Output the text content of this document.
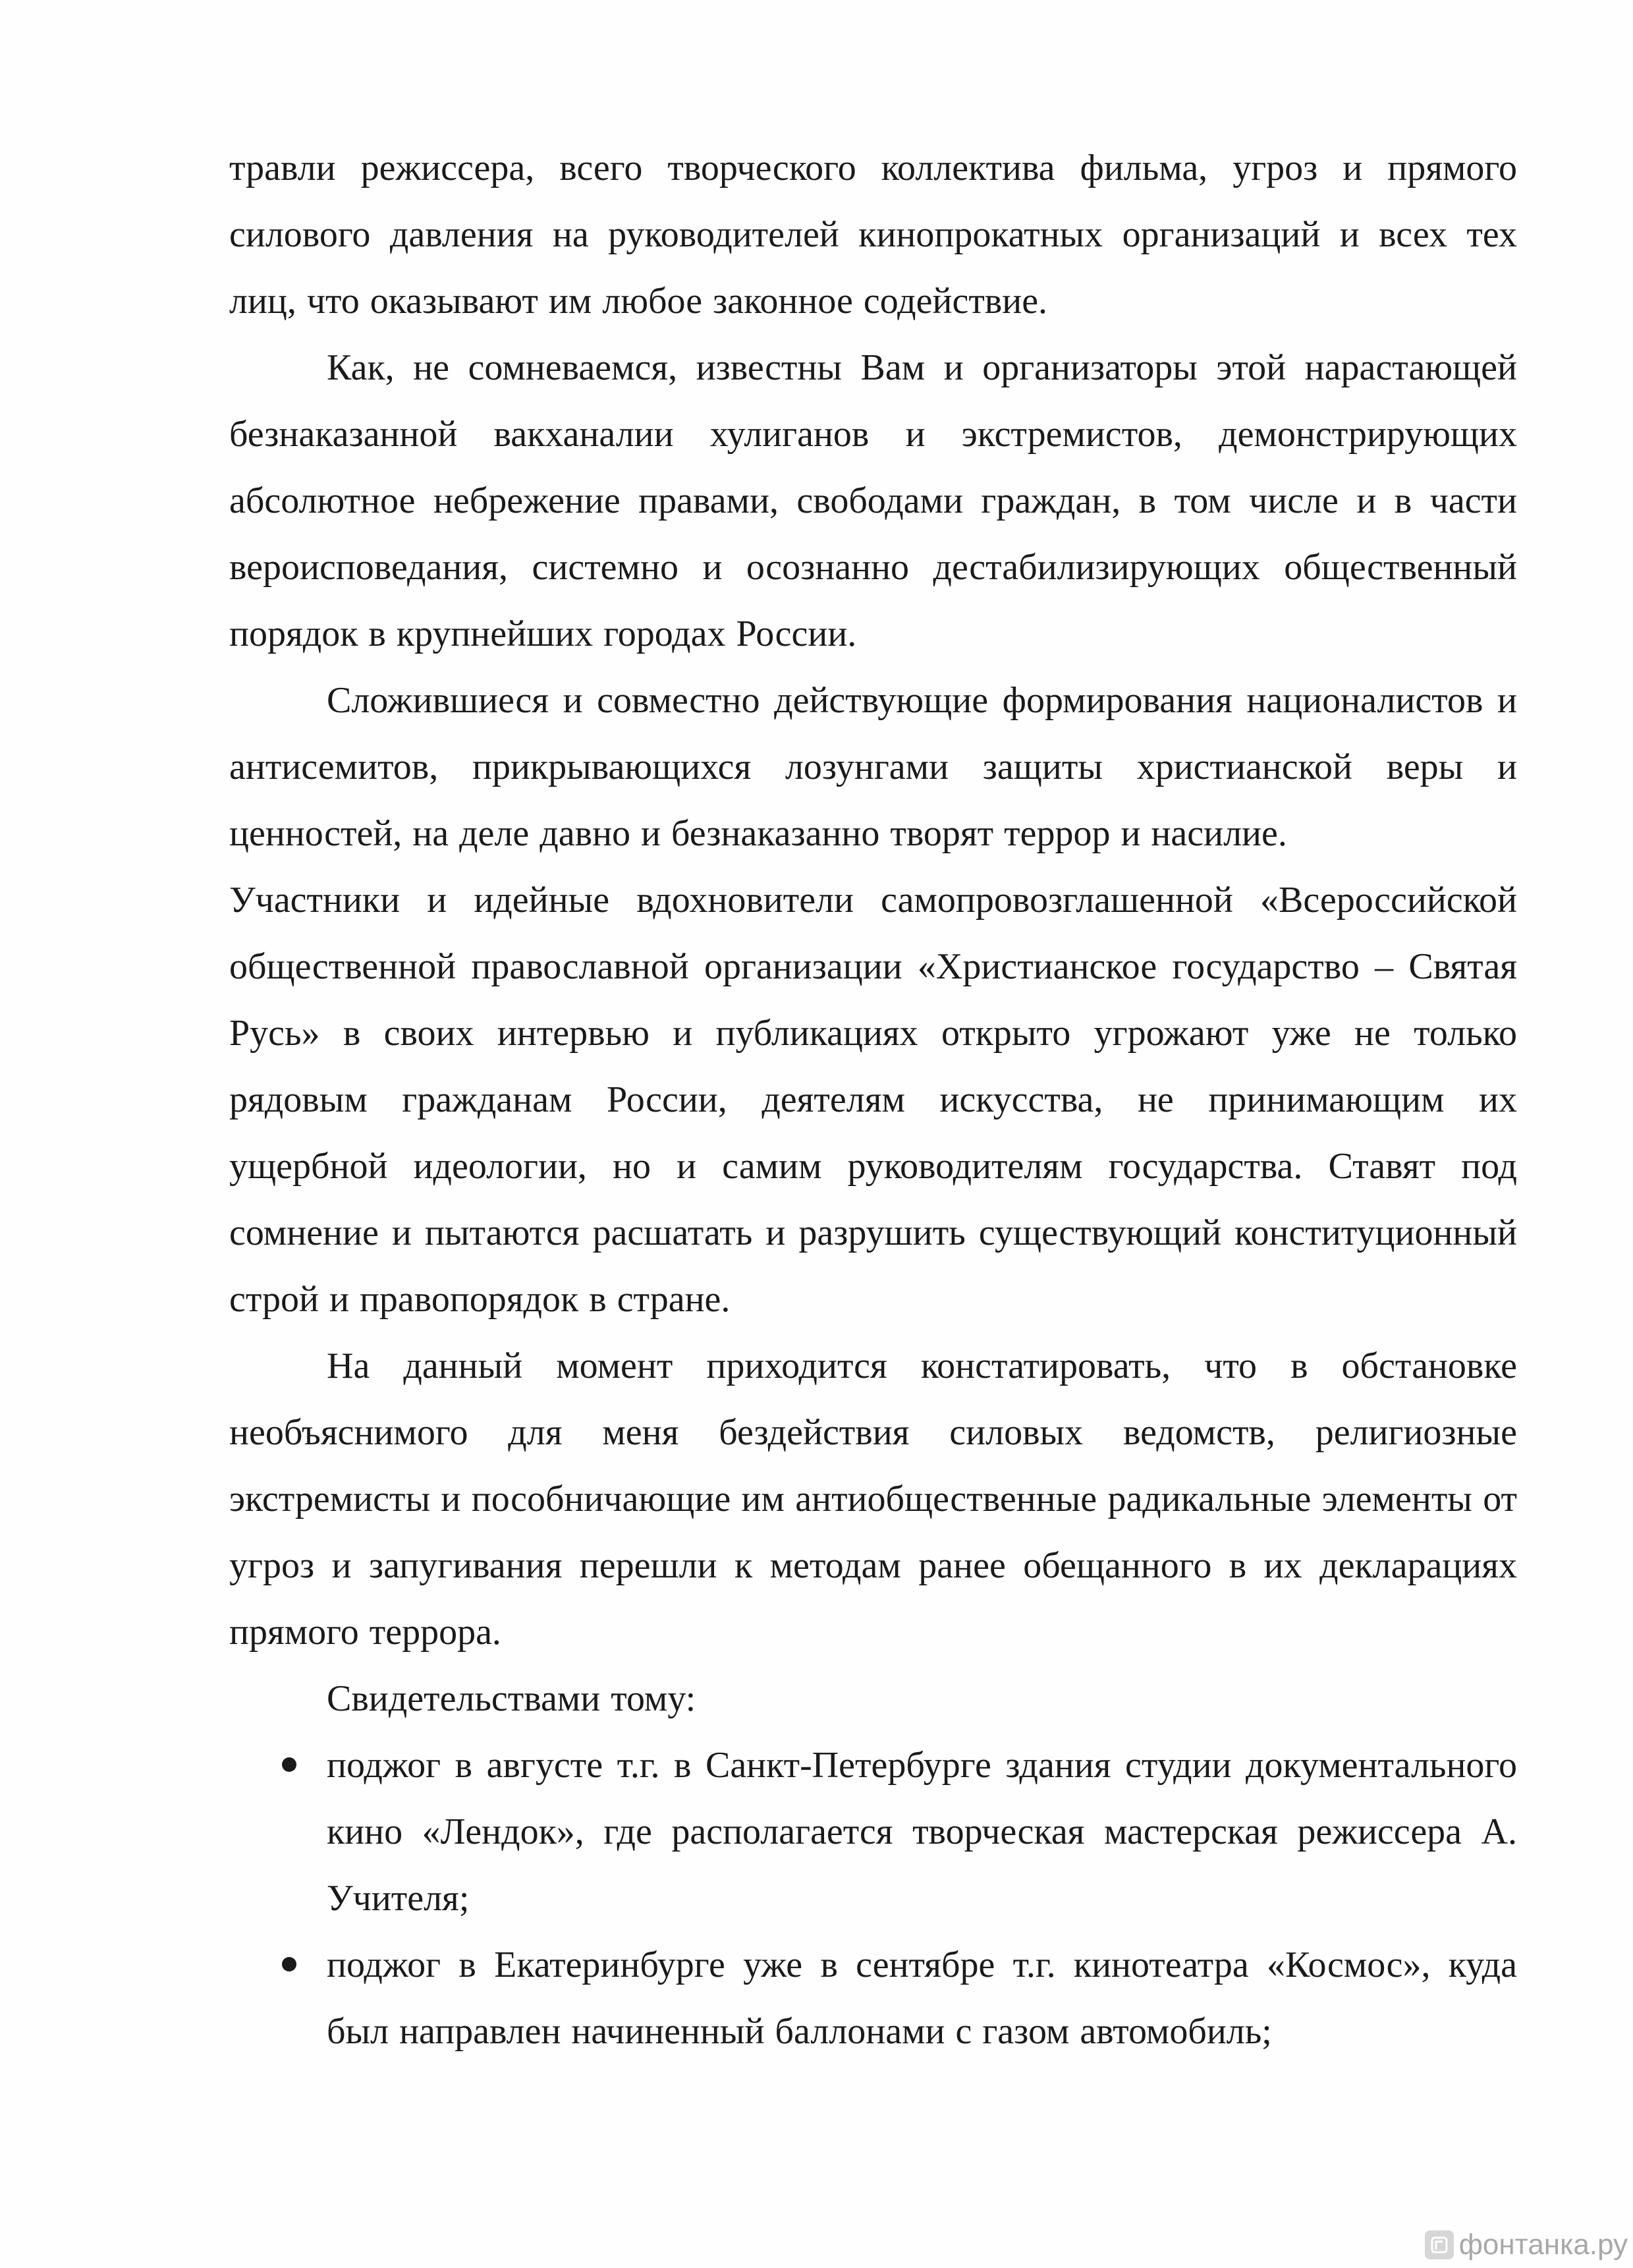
травли режиссера, всего творческого коллектива фильма, угроз и прямого силового давления на руководителей кинопрокатных организаций и всех тех лиц, что оказывают им любое законное содействие.

Как, не сомневаемся, известны Вам и организаторы этой нарастающей безнаказанной вакханалии хулиганов и экстремистов, демонстрирующих абсолютное небрежение правами, свободами граждан, в том числе и в части вероисповедания, системно и осознанно дестабилизирующих общественный порядок в крупнейших городах России.

Сложившиеся и совместно действующие формирования националистов и антисемитов, прикрывающихся лозунгами защиты христианской веры и ценностей, на деле давно и безнаказанно творят террор и насилие.

Участники и идейные вдохновители самопровозглашенной «Всероссийской общественной православной организации «Христианское государство – Святая Русь» в своих интервью и публикациях открыто угрожают уже не только рядовым гражданам России, деятелям искусства, не принимающим их ущербной идеологии, но и самим руководителям государства. Ставят под сомнение и пытаются расшатать и разрушить существующий конституционный строй и правопорядок в стране.

На данный момент приходится констатировать, что в обстановке необъяснимого для меня бездействия силовых ведомств, религиозные экстремисты и пособничающие им антиобщественные радикальные элементы от угроз и запугивания перешли к методам ранее обещанного в их декларациях прямого террора.

Свидетельствами тому:

поджог в августе т.г. в Санкт-Петербурге здания студии документального кино «Лендок», где располагается творческая мастерская режиссера А. Учителя;
поджог в Екатеринбурге уже в сентябре т.г. кинотеатра «Космос», куда был направлен начиненный баллонами с газом автомобиль;
фонтанка.ру
